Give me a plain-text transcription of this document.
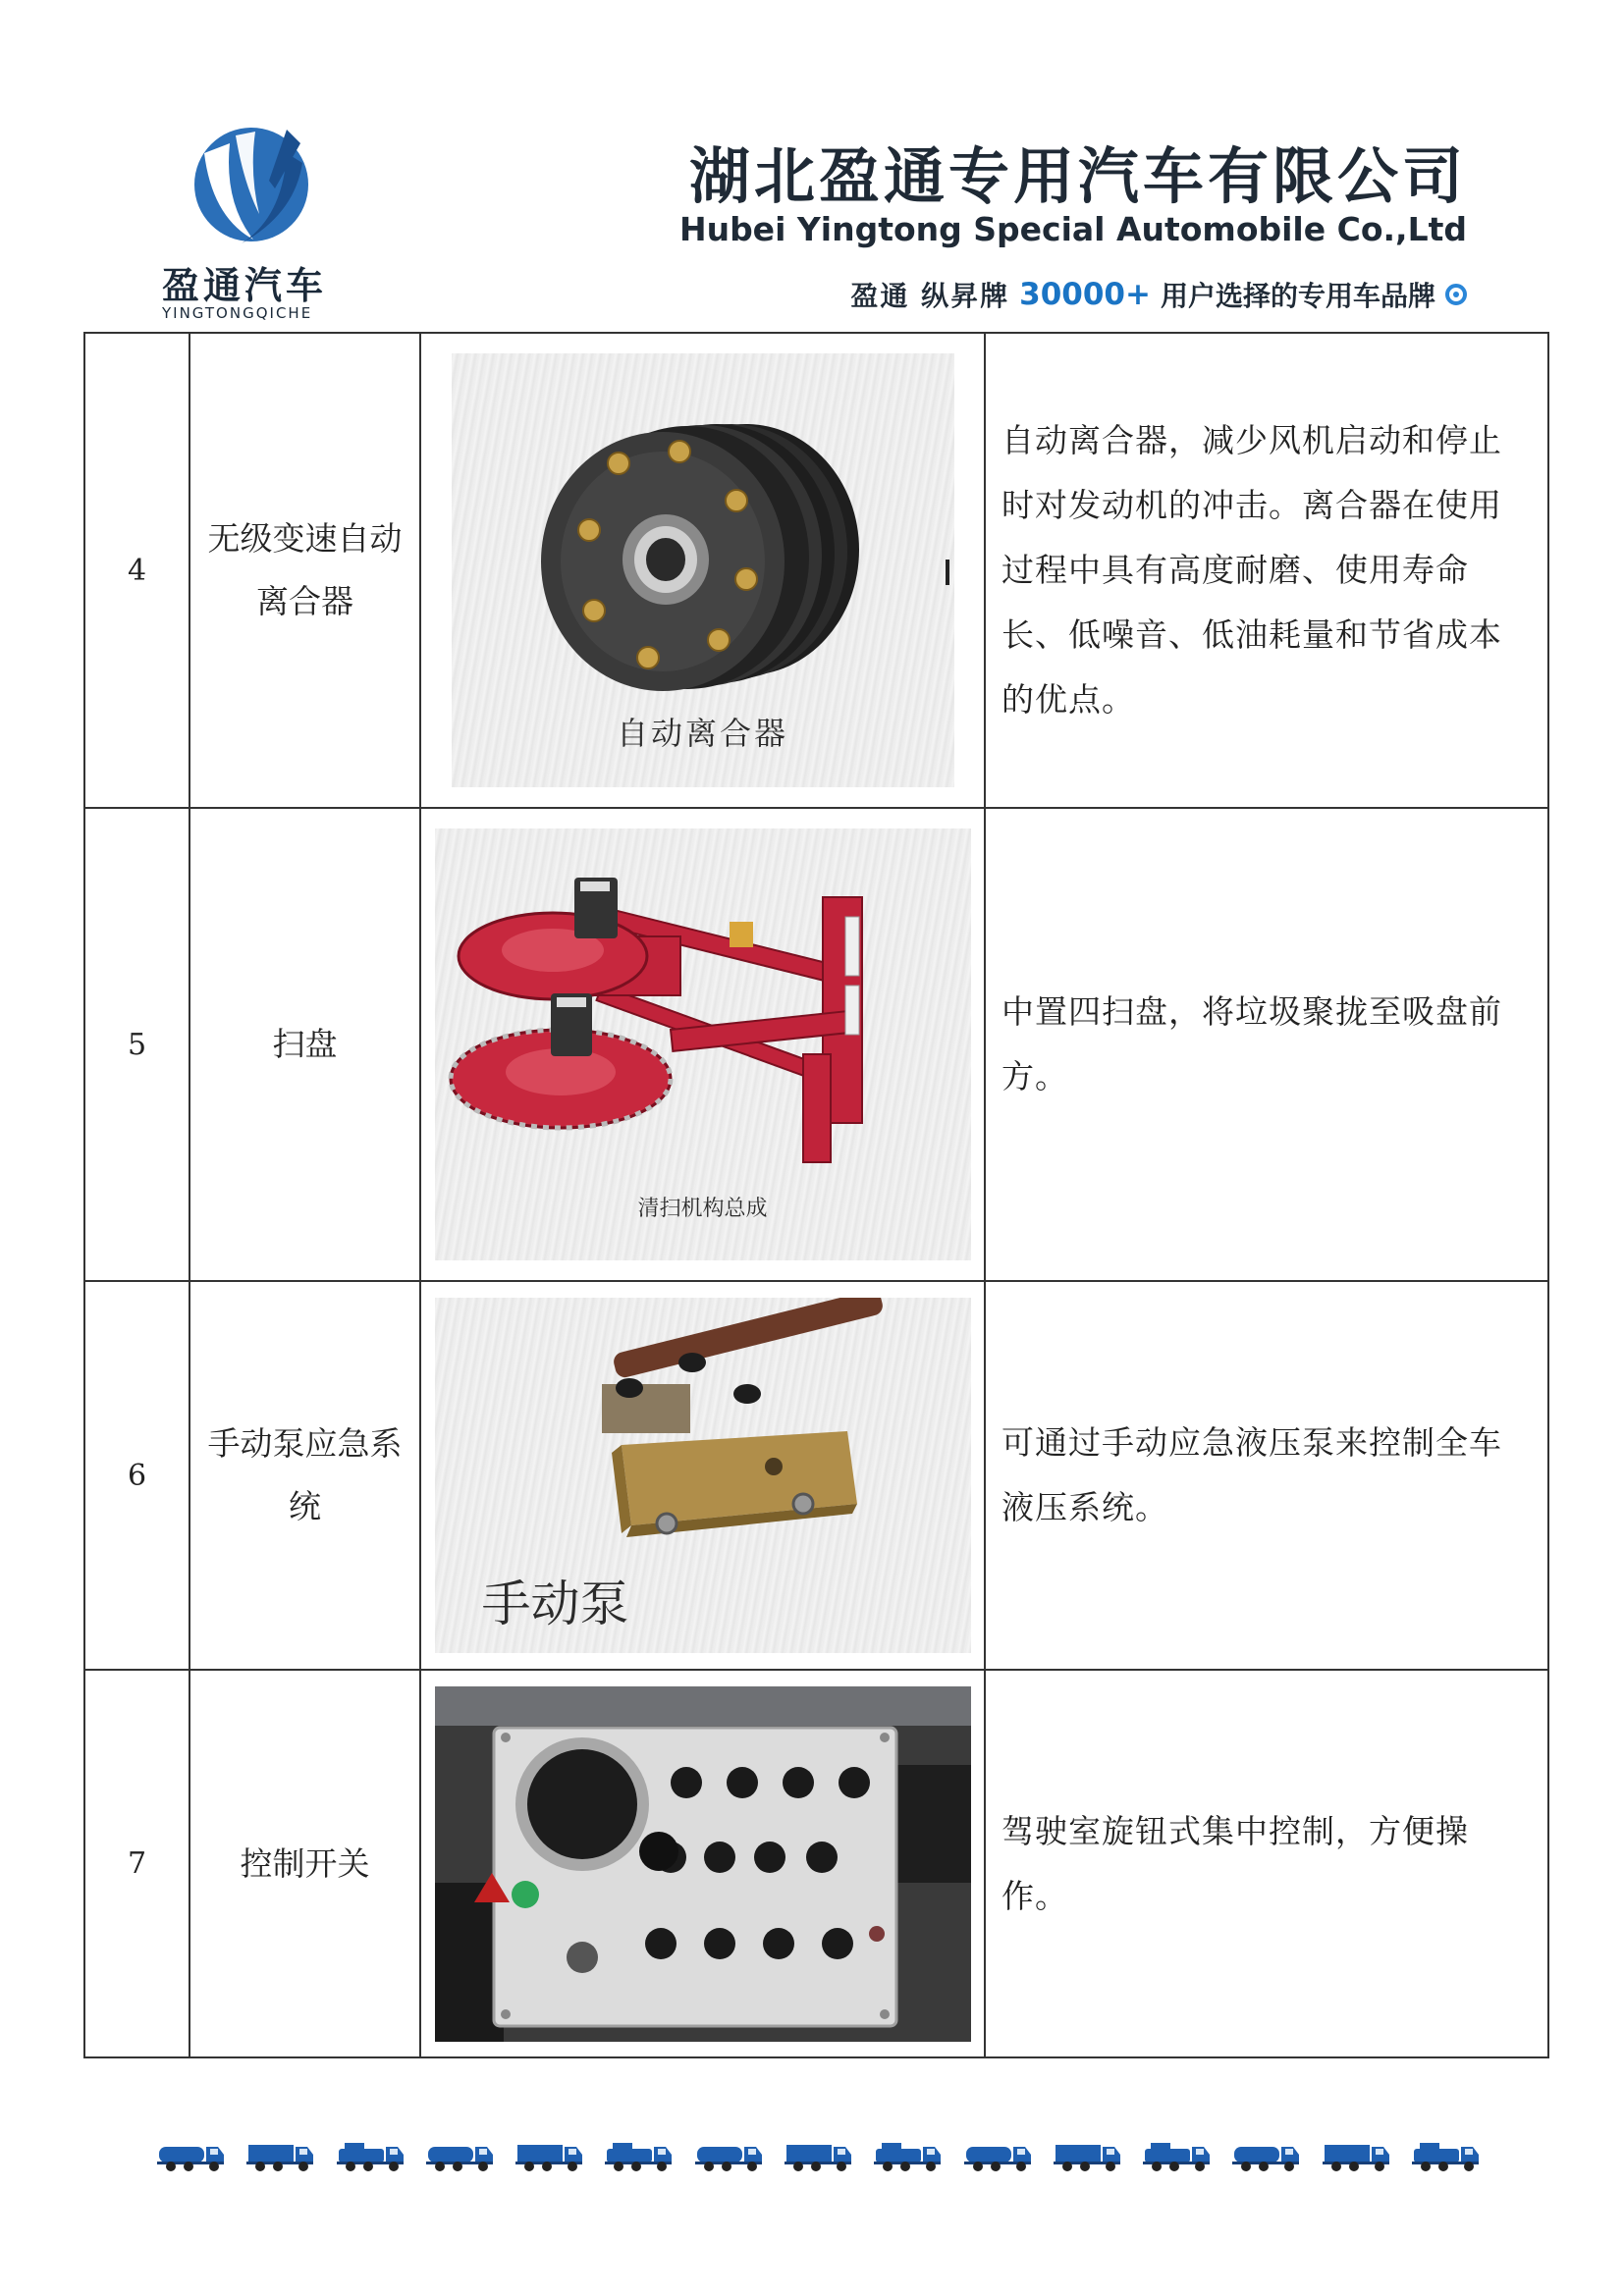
盈通汽车
YINGTONGQICHE
湖北盈通专用汽车有限公司
Hubei Yingtong Special Automobile Co.,Ltd
盈通 纵昇牌 30000+ 用户选择的专用车品牌
4	无级变速自动离合器	自动离合器	自动离合器，减少风机启动和停止时对发动机的冲击。离合器在使用过程中具有高度耐磨、使用寿命 长、低噪音、低油耗量和节省成本的优点。
5	扫盘	清扫机构总成	中置四扫盘，将垃圾聚拢至吸盘前方。
6	手动泵应急系统	手动泵	可通过手动应急液压泵来控制全车液压系统。
7	控制开关		驾驶室旋钮式集中控制，方便操作。
